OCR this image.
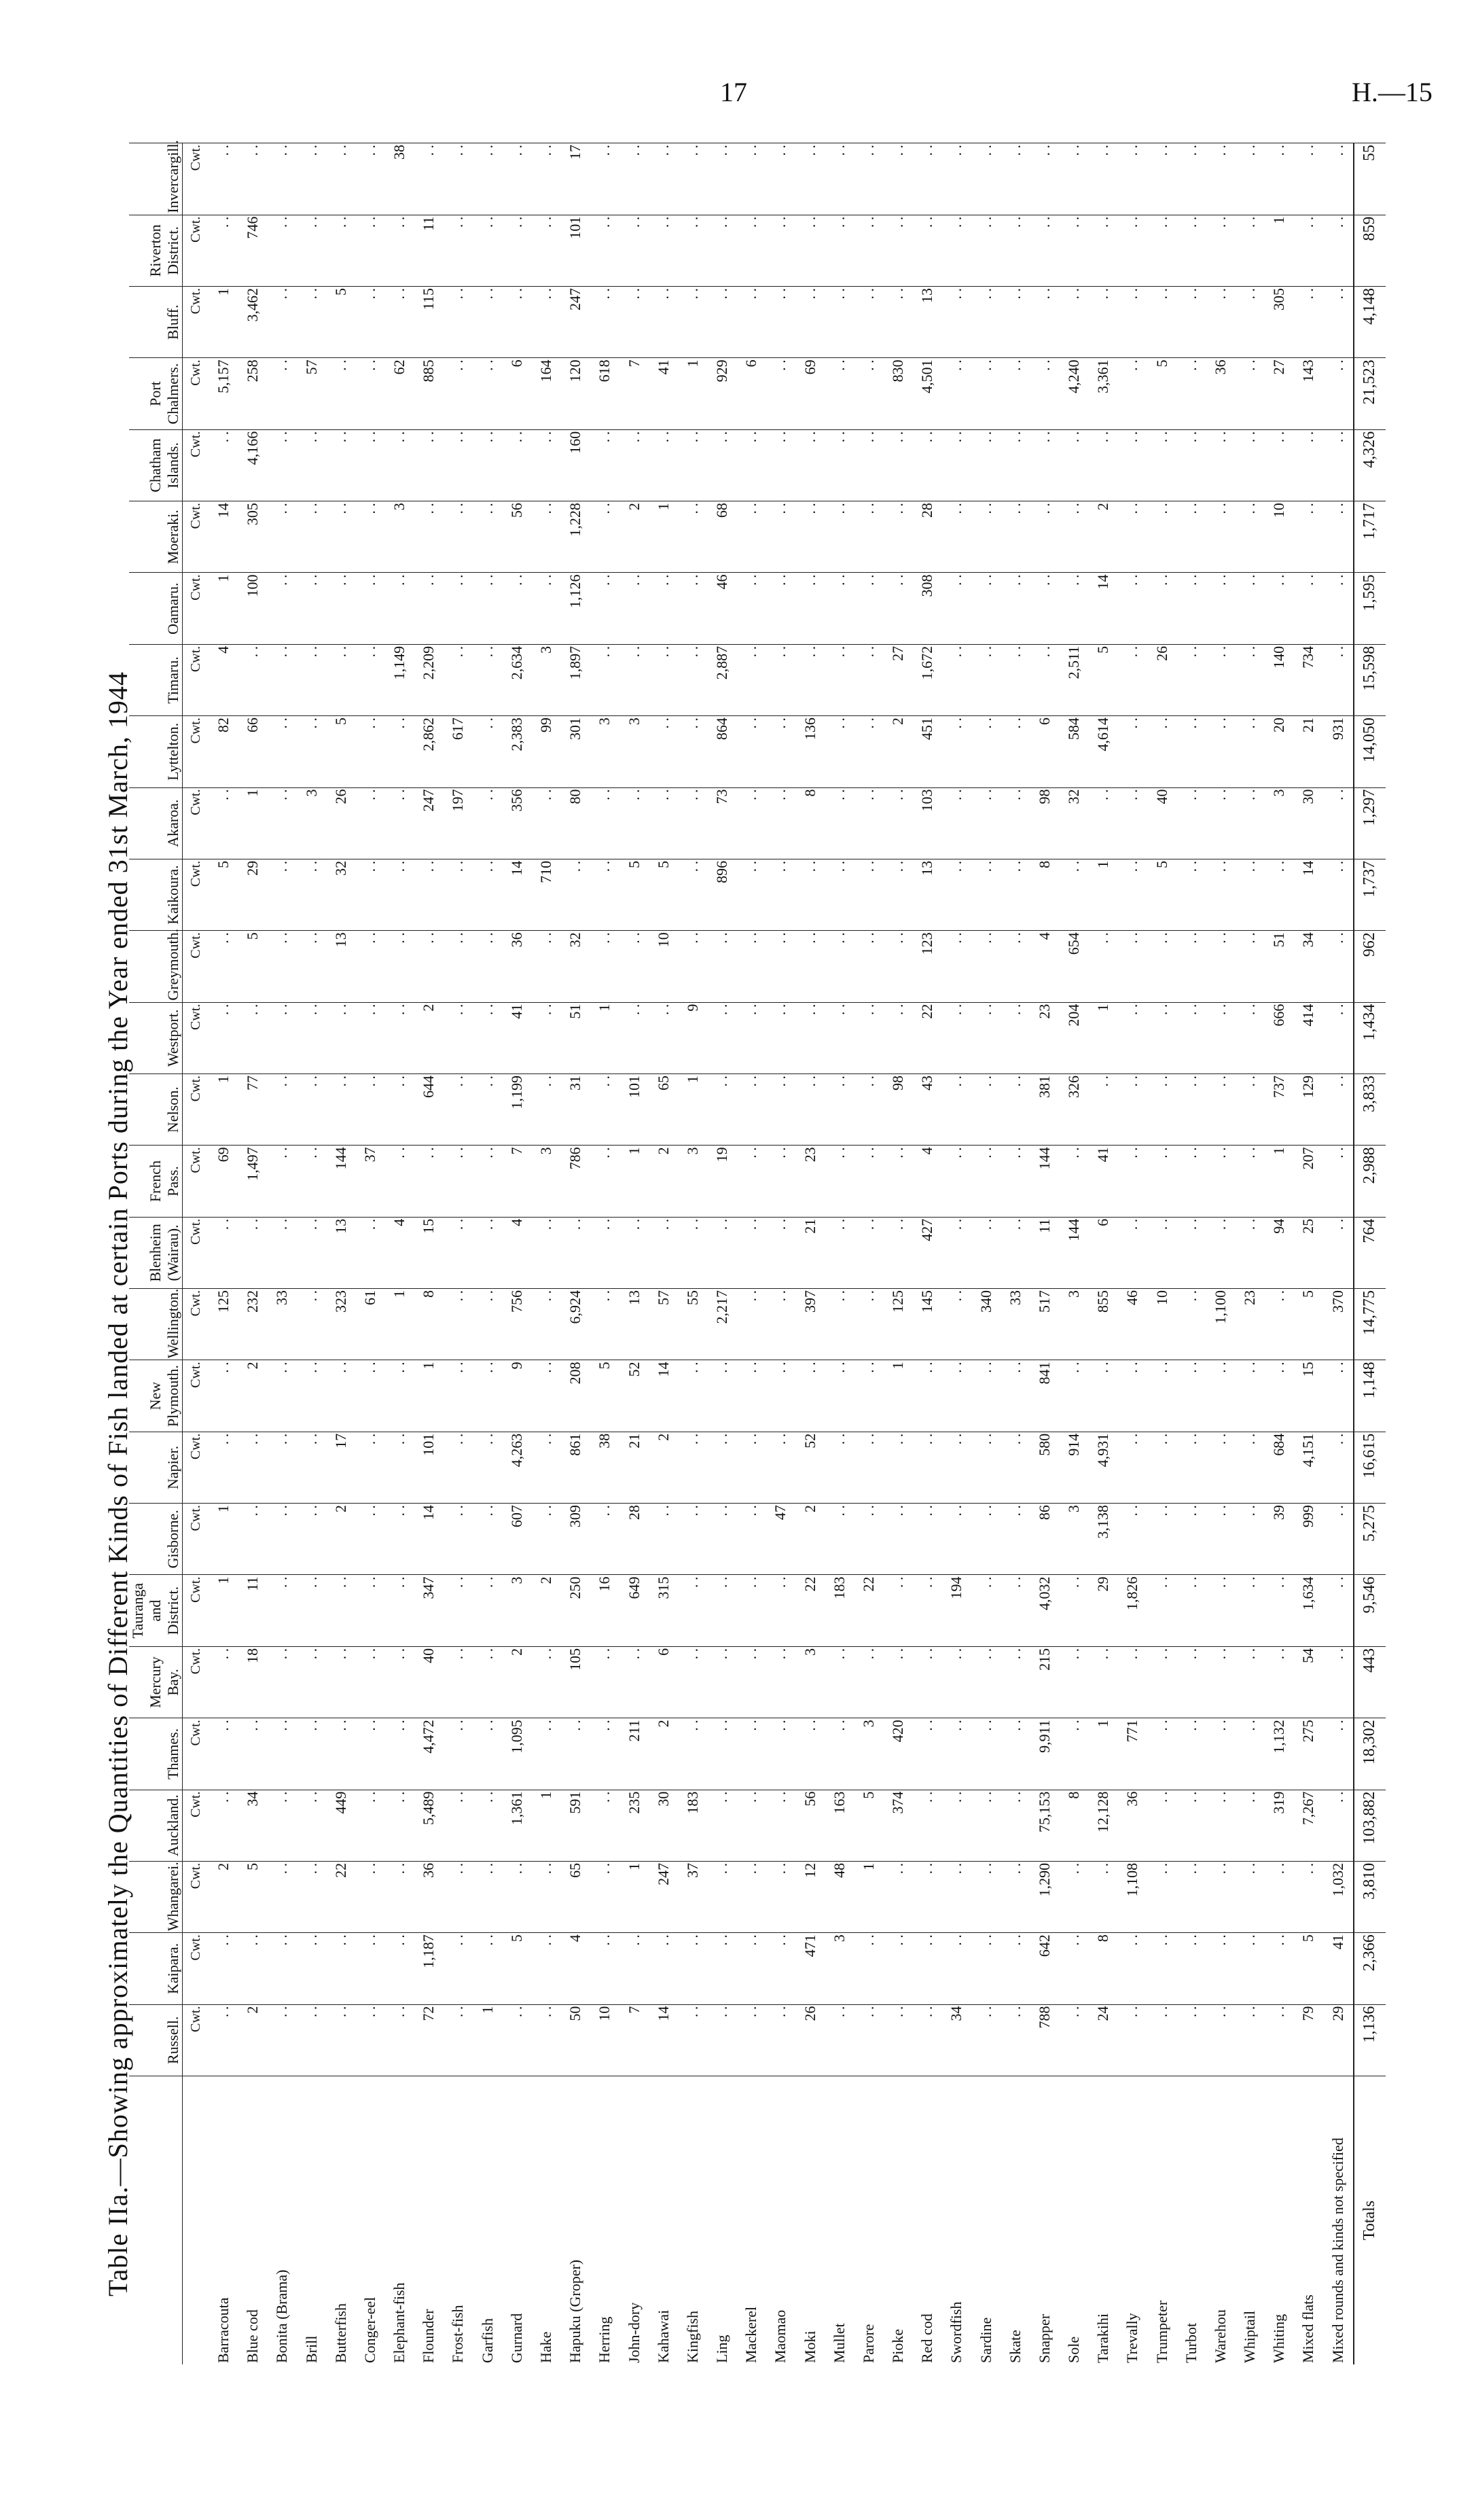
17	H.—15
Table IIa.—Showing approximately the Quantities of Different Kinds of Fish landed at certain Ports during the Year ended 31st March, 1944
	Russell.	Kaipara.	Whangarei.	Auckland.	Thames.	Mercury Bay.	Tauranga and District.	Gisborne.	Napier.	New Plymouth.	Wellington.	Blenheim (Wairau).	French Pass.	Nelson.	Westport.	Greymouth.	Kaikoura.	Akaroa.	Lyttelton.	Timaru.	Oamaru.	Moeraki.	Chatham Islands.	Port Chalmers.	Bluff.	Riverton District.	Invercargill.
	Cwt.	Cwt.	Cwt.	Cwt.	Cwt.	Cwt.	Cwt.	Cwt.	Cwt.	Cwt.	Cwt.	Cwt.	Cwt.	Cwt.	Cwt.	Cwt.	Cwt.	Cwt.	Cwt.	Cwt.	Cwt.	Cwt.	Cwt.	Cwt.	Cwt.	Cwt.	Cwt.
Barracouta	. .	. .	2	. .	. .	. .	1	1	. .	. .	125	. .	69	1	. .	. .	5	. .	82	4	1	14	. .	5,157	1	. .	. .
Blue cod	2	. .	5	34	. .	18	11	. .	. .	2	232	. .	1,497	77	. .	5	29	1	66	. .	100	305	4,166	258	3,462	746	. .
Bonita (Brama)	. .	. .	. .	. .	. .	. .	. .	. .	. .	. .	33	. .	. .	. .	. .	. .	. .	. .	. .	. .	. .	. .	. .	. .	. .	. .	. .
Brill	. .	. .	. .	. .	. .	. .	. .	. .	. .	. .	. .	. .	. .	. .	. .	. .	. .	3	. .	. .	. .	. .	. .	57	. .	. .	. .
Butterfish	. .	. .	22	449	. .	. .	. .	2	17	. .	323	13	144	. .	. .	13	32	26	5	. .	. .	. .	. .	. .	5	. .	. .
Conger-eel	. .	. .	. .	. .	. .	. .	. .	. .	. .	. .	61	. .	37	. .	. .	. .	. .	. .	. .	. .	. .	. .	. .	. .	. .	. .	. .
Elephant-fish	. .	. .	. .	. .	. .	. .	. .	. .	. .	. .	1	4	. .	. .	. .	. .	. .	. .	. .	1,149	. .	3	. .	62	. .	. .	38
Flounder	72	1,187	36	5,489	4,472	40	347	14	101	1	8	15	. .	644	2	. .	. .	247	2,862	2,209	. .	. .	. .	885	115	11	. .
Frost-fish	. .	. .	. .	. .	. .	. .	. .	. .	. .	. .	. .	. .	. .	. .	. .	. .	. .	197	617	. .	. .	. .	. .	. .	. .	. .	. .
Garfish	1	. .	. .	. .	. .	. .	. .	. .	. .	. .	. .	. .	. .	. .	. .	. .	. .	. .	. .	. .	. .	. .	. .	. .	. .	. .	. .
Gurnard	. .	5	. .	1,361	1,095	2	3	607	4,263	9	756	4	7	1,199	41	36	14	356	2,383	2,634	. .	56	. .	6	. .	. .	. .
Hake	. .	. .	. .	1	. .	. .	2	. .	. .	. .	. .	. .	3	. .	. .	. .	710	. .	99	3	. .	. .	. .	164	. .	. .	. .
Hapuku (Groper)	50	4	65	591	. .	105	250	309	861	208	6,924	. .	786	31	51	32	. .	80	301	1,897	1,126	1,228	160	120	247	101	17
Herring	10	. .	. .	. .	. .	. .	16	. .	38	5	. .	. .	. .	. .	1	. .	. .	. .	3	. .	. .	. .	. .	618	. .	. .	. .
John-dory	7	. .	1	235	211	. .	649	28	21	52	13	. .	1	101	. .	. .	5	. .	3	. .	. .	2	. .	7	. .	. .	. .
Kahawai	14	. .	247	30	2	6	315	. .	2	14	57	. .	2	65	. .	10	5	. .	. .	. .	. .	1	. .	41	. .	. .	. .
Kingfish	. .	. .	37	183	. .	. .	. .	. .	. .	. .	55	. .	3	1	9	. .	. .	. .	. .	. .	. .	. .	. .	1	. .	. .	. .
Ling	. .	. .	. .	. .	. .	. .	. .	. .	. .	. .	2,217	. .	19	. .	. .	. .	896	73	864	2,887	46	68	. .	929	. .	. .	. .
Mackerel	. .	. .	. .	. .	. .	. .	. .	. .	. .	. .	. .	. .	. .	. .	. .	. .	. .	. .	. .	. .	. .	. .	. .	6	. .	. .	. .
Maomao	. .	. .	. .	. .	. .	. .	. .	47	. .	. .	. .	. .	. .	. .	. .	. .	. .	. .	. .	. .	. .	. .	. .	. .	. .	. .	. .
Moki	26	471	12	56	. .	3	22	2	52	. .	397	21	23	. .	. .	. .	. .	8	136	. .	. .	. .	. .	69	. .	. .	. .
Mullet	. .	3	48	163	. .	. .	183	. .	. .	. .	. .	. .	. .	. .	. .	. .	. .	. .	. .	. .	. .	. .	. .	. .	. .	. .	. .
Parore	. .	. .	1	5	3	. .	22	. .	. .	. .	. .	. .	. .	. .	. .	. .	. .	. .	. .	. .	. .	. .	. .	. .	. .	. .	. .
Pioke	. .	. .	. .	374	420	. .	. .	. .	. .	1	125	. .	. .	98	. .	. .	. .	. .	2	27	. .	. .	. .	830	. .	. .	. .
Red cod	. .	. .	. .	. .	. .	. .	. .	. .	. .	. .	145	427	4	43	22	123	13	103	451	1,672	308	28	. .	4,501	13	. .	. .
Swordfish	34	. .	. .	. .	. .	. .	194	. .	. .	. .	. .	. .	. .	. .	. .	. .	. .	. .	. .	. .	. .	. .	. .	. .	. .	. .	. .
Sardine	. .	. .	. .	. .	. .	. .	. .	. .	. .	. .	340	. .	. .	. .	. .	. .	. .	. .	. .	. .	. .	. .	. .	. .	. .	. .	. .
Skate	. .	. .	. .	. .	. .	. .	. .	. .	. .	. .	33	. .	. .	. .	. .	. .	. .	. .	. .	. .	. .	. .	. .	. .	. .	. .	. .
Snapper	788	642	1,290	75,153	9,911	215	4,032	86	580	841	517	11	144	381	23	4	8	98	6	. .	. .	. .	. .	. .	. .	. .	. .
Sole	. .	. .	. .	8	. .	. .	. .	3	914	. .	3	144	. .	326	204	654	. .	32	584	2,511	. .	. .	. .	4,240	. .	. .	. .
Tarakihi	24	8	. .	12,128	1	. .	29	3,138	4,931	. .	855	6	41	. .	1	. .	1	. .	4,614	5	14	2	. .	3,361	. .	. .	. .
Trevally	. .	. .	1,108	36	771	. .	1,826	. .	. .	. .	46	. .	. .	. .	. .	. .	. .	. .	. .	. .	. .	. .	. .	. .	. .	. .	. .
Trumpeter	. .	. .	. .	. .	. .	. .	. .	. .	. .	. .	10	. .	. .	. .	. .	. .	5	40	. .	26	. .	. .	. .	5	. .	. .	. .
Turbot	. .	. .	. .	. .	. .	. .	. .	. .	. .	. .	. .	. .	. .	. .	. .	. .	. .	. .	. .	. .	. .	. .	. .	. .	. .	. .	. .
Warehou	. .	. .	. .	. .	. .	. .	. .	. .	. .	. .	1,100	. .	. .	. .	. .	. .	. .	. .	. .	. .	. .	. .	. .	36	. .	. .	. .
Whiptail	. .	. .	. .	. .	. .	. .	. .	. .	. .	. .	23	. .	. .	. .	. .	. .	. .	. .	. .	. .	. .	. .	. .	. .	. .	. .	. .
Whiting	. .	. .	. .	319	1,132	. .	. .	39	684	. .	. .	94	1	737	666	51	. .	3	20	140	. .	10	. .	27	305	1	. .
Mixed flats	79	5	. .	7,267	275	54	1,634	999	4,151	15	5	25	207	129	414	34	14	30	21	734	. .	. .	. .	143	. .	. .	. .
Mixed rounds and kinds not specified	29	41	1,032	. .	. .	. .	. .	. .	. .	. .	370	. .	. .	. .	. .	. .	. .	. .	931	. .	. .	. .	. .	. .	. .	. .	. .
Totals	1,136	2,366	3,810	103,882	18,302	443	9,546	5,275	16,615	1,148	14,775	764	2,988	3,833	1,434	962	1,737	1,297	14,050	15,598	1,595	1,717	4,326	21,523	4,148	859	55
